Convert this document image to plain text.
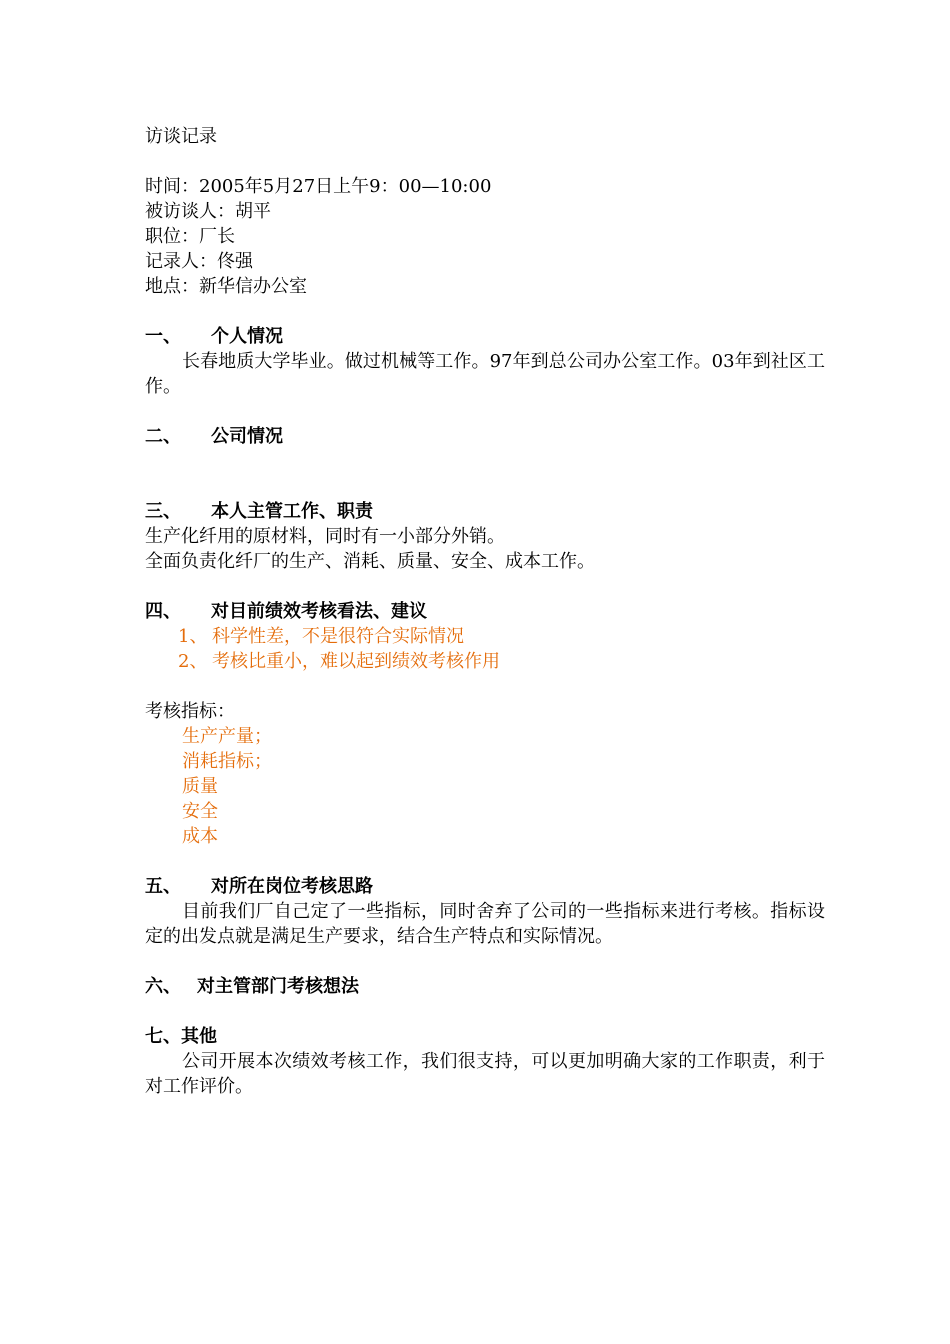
访谈记录
时间：2005年5月27日上午9：00—10:00
被访谈人：胡平
职位：厂长
记录人：佟强
地点：新华信办公室
一、	个人情况
长春地质大学毕业。做过机械等工作。97年到总公司办公室工作。03年到社区工作。
二、	公司情况
三、	本人主管工作、职责
生产化纤用的原材料，同时有一小部分外销。
全面负责化纤厂的生产、消耗、质量、安全、成本工作。
四、	对目前绩效考核看法、建议
1、 科学性差，不是很符合实际情况
2、 考核比重小，难以起到绩效考核作用
考核指标：
生产产量；
消耗指标；
质量
安全
成本
五、	对所在岗位考核思路
目前我们厂自己定了一些指标，同时舍弃了公司的一些指标来进行考核。指标设定的出发点就是满足生产要求，结合生产特点和实际情况。
六、 对主管部门考核想法
七、 其他
公司开展本次绩效考核工作，我们很支持，可以更加明确大家的工作职责，利于对工作评价。
